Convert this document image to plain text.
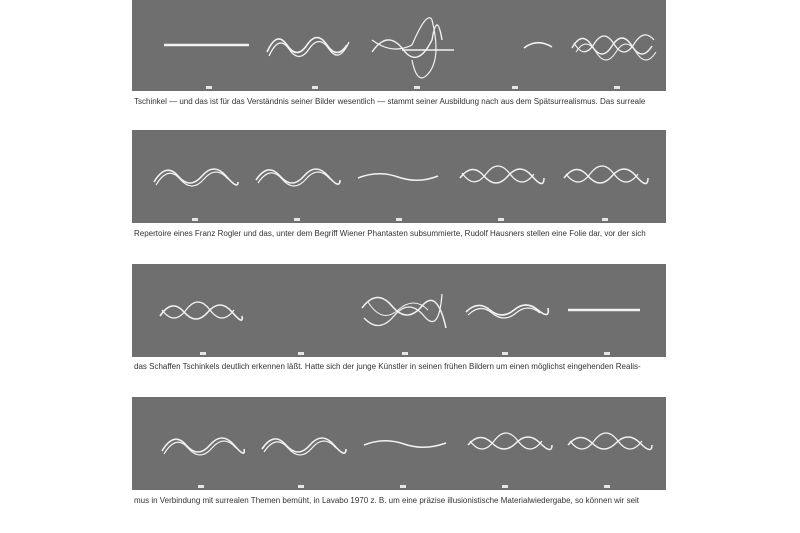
Tschinkel — und das ist für das Verständnis seiner Bilder wesentlich — stammt seiner Ausbildung nach aus dem Spätsurrealismus. Das surreale
Repertoire eines Franz Rogler und das, unter dem Begriff Wiener Phantasten subsummierte, Rudolf Hausners stellen eine Folie dar, vor der sich
das Schaffen Tschinkels deutlich erkennen läßt. Hatte sich der junge Künstler in seinen frühen Bildern um einen möglichst eingehenden Realis-
mus in Verbindung mit surrealen Themen bemüht, in Lavabo 1970 z. B. um eine präzise illusionistische Materialwiedergabe, so können wir seit
